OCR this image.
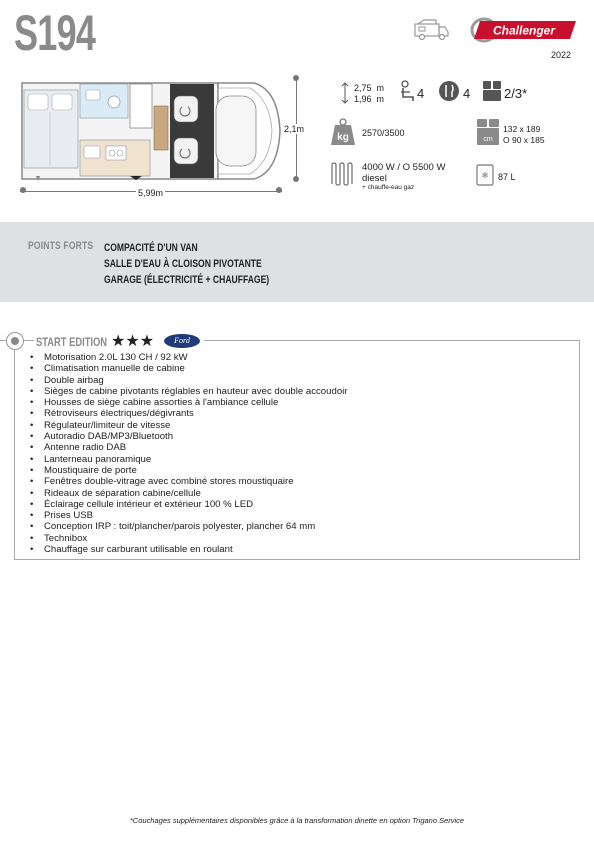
S194	Challenger
2022
5,99m
2,1m
2,75 m
1,96 m	4	4	2/3*
kg 2570/3500
cm
132 x 189
O 90 x 185
4000 W / O 5500 W
diesel
+ chauffe-eau gaz
✻ 87 L
POINTS FORTS COMPACITÉ D'UN VAN
SALLE D'EAU À CLOISON PIVOTANTE
GARAGE (ÉLECTRICITÉ + CHAUFFAGE)
START EDITION ★★★	Ford
• Motorisation 2.0L 130 CH / 92 kW
• Climatisation manuelle de cabine
• Double airbag
• Sièges de cabine pivotants réglables en hauteur avec double accoudoir
• Housses de siège cabine assorties à l'ambiance cellule
• Rétroviseurs électriques/dégivrants
• Régulateur/limiteur de vitesse
• Autoradio DAB/MP3/Bluetooth
• Antenne radio DAB
• Lanterneau panoramique
• Moustiquaire de porte
• Fenêtres double-vitrage avec combiné stores moustiquaire
• Rideaux de séparation cabine/cellule
• Éclairage cellule intérieur et extérieur 100 % LED
• Prises USB
• Conception IRP : toit/plancher/parois polyester, plancher 64 mm
• Technibox
• Chauffage sur carburant utilisable en roulant
*Couchages supplémentaires disponibles grâce à la transformation dinette en option Trigano Service
